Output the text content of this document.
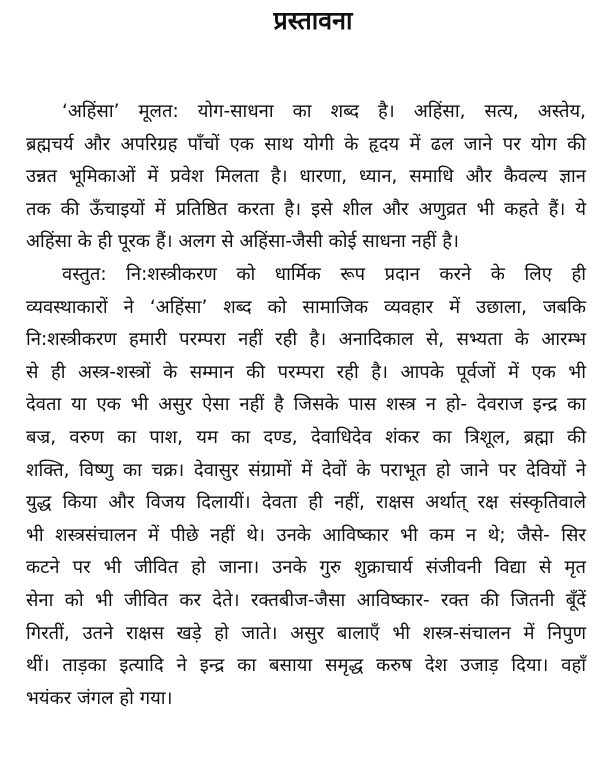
प्रस्तावना
‘अहिंसा’ मूलत: योग-साधना का शब्द है। अहिंसा, सत्य, अस्तेय,
ब्रह्मचर्य और अपरिग्रह पाँचों एक साथ योगी के हृदय में ढल जाने पर योग की
उन्नत भूमिकाओं में प्रवेश मिलता है। धारणा, ध्यान, समाधि और कैवल्य ज्ञान
तक की ऊँचाइयों में प्रतिष्ठित करता है। इसे शील और अणुव्रत भी कहते हैं। ये
अहिंसा के ही पूरक हैं। अलग से अहिंसा-जैसी कोई साधना नहीं है।
वस्तुत: नि:शस्त्रीकरण को धार्मिक रूप प्रदान करने के लिए ही
व्यवस्थाकारों ने ‘अहिंसा’ शब्द को सामाजिक व्यवहार में उछाला, जबकि
नि:शस्त्रीकरण हमारी परम्परा नहीं रही है। अनादिकाल से, सभ्यता के आरम्भ
से ही अस्त्र-शस्त्रों के सम्मान की परम्परा रही है। आपके पूर्वजों में एक भी
देवता या एक भी असुर ऐसा नहीं है जिसके पास शस्त्र न हो- देवराज इन्द्र का
बज्र, वरुण का पाश, यम का दण्ड, देवाधिदेव शंकर का त्रिशूल, ब्रह्मा की
शक्ति, विष्णु का चक्र। देवासुर संग्रामों में देवों के पराभूत हो जाने पर देवियों ने
युद्ध किया और विजय दिलायीं। देवता ही नहीं, राक्षस अर्थात् रक्ष संस्कृतिवाले
भी शस्त्रसंचालन में पीछे नहीं थे। उनके आविष्कार भी कम न थे; जैसे- सिर
कटने पर भी जीवित हो जाना। उनके गुरु शुक्राचार्य संजीवनी विद्या से मृत
सेना को भी जीवित कर देते। रक्तबीज-जैसा आविष्कार- रक्त की जितनी बूँदें
गिरतीं, उतने राक्षस खड़े हो जाते। असुर बालाएँ भी शस्त्र-संचालन में निपुण
थीं। ताड़का इत्यादि ने इन्द्र का बसाया समृद्ध करुष देश उजाड़ दिया। वहाँ
भयंकर जंगल हो गया।
